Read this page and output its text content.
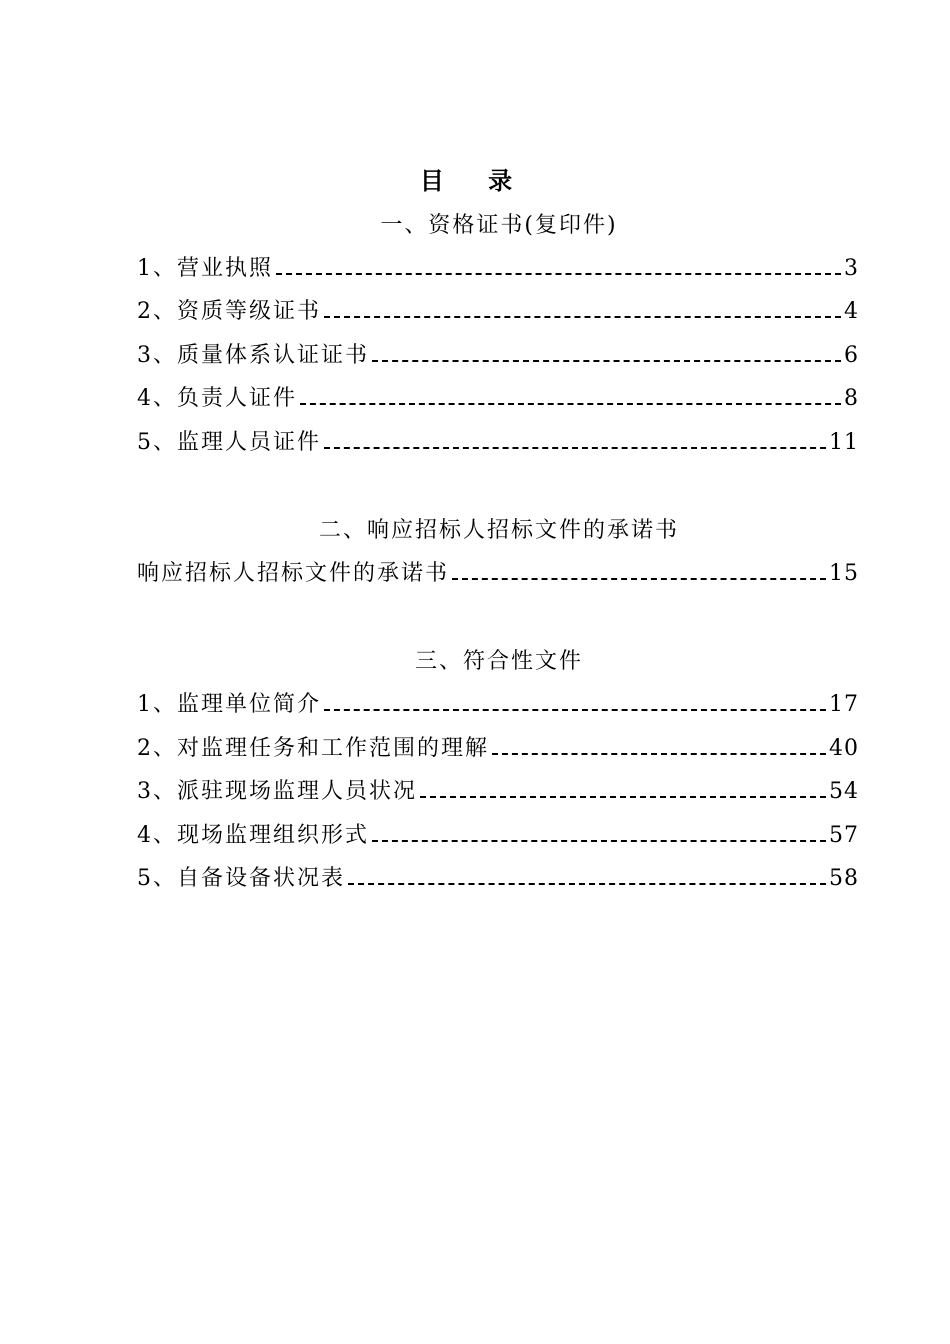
目 录
一、资格证书(复印件)
1、营业执照	3
2、资质等级证书	4
3、质量体系认证证书	6
4、负责人证件	8
5、监理人员证件	11
二、响应招标人招标文件的承诺书
响应招标人招标文件的承诺书	15
三、符合性文件
1、监理单位简介	17
2、对监理任务和工作范围的理解	40
3、派驻现场监理人员状况	54
4、现场监理组织形式	57
5、自备设备状况表	58
